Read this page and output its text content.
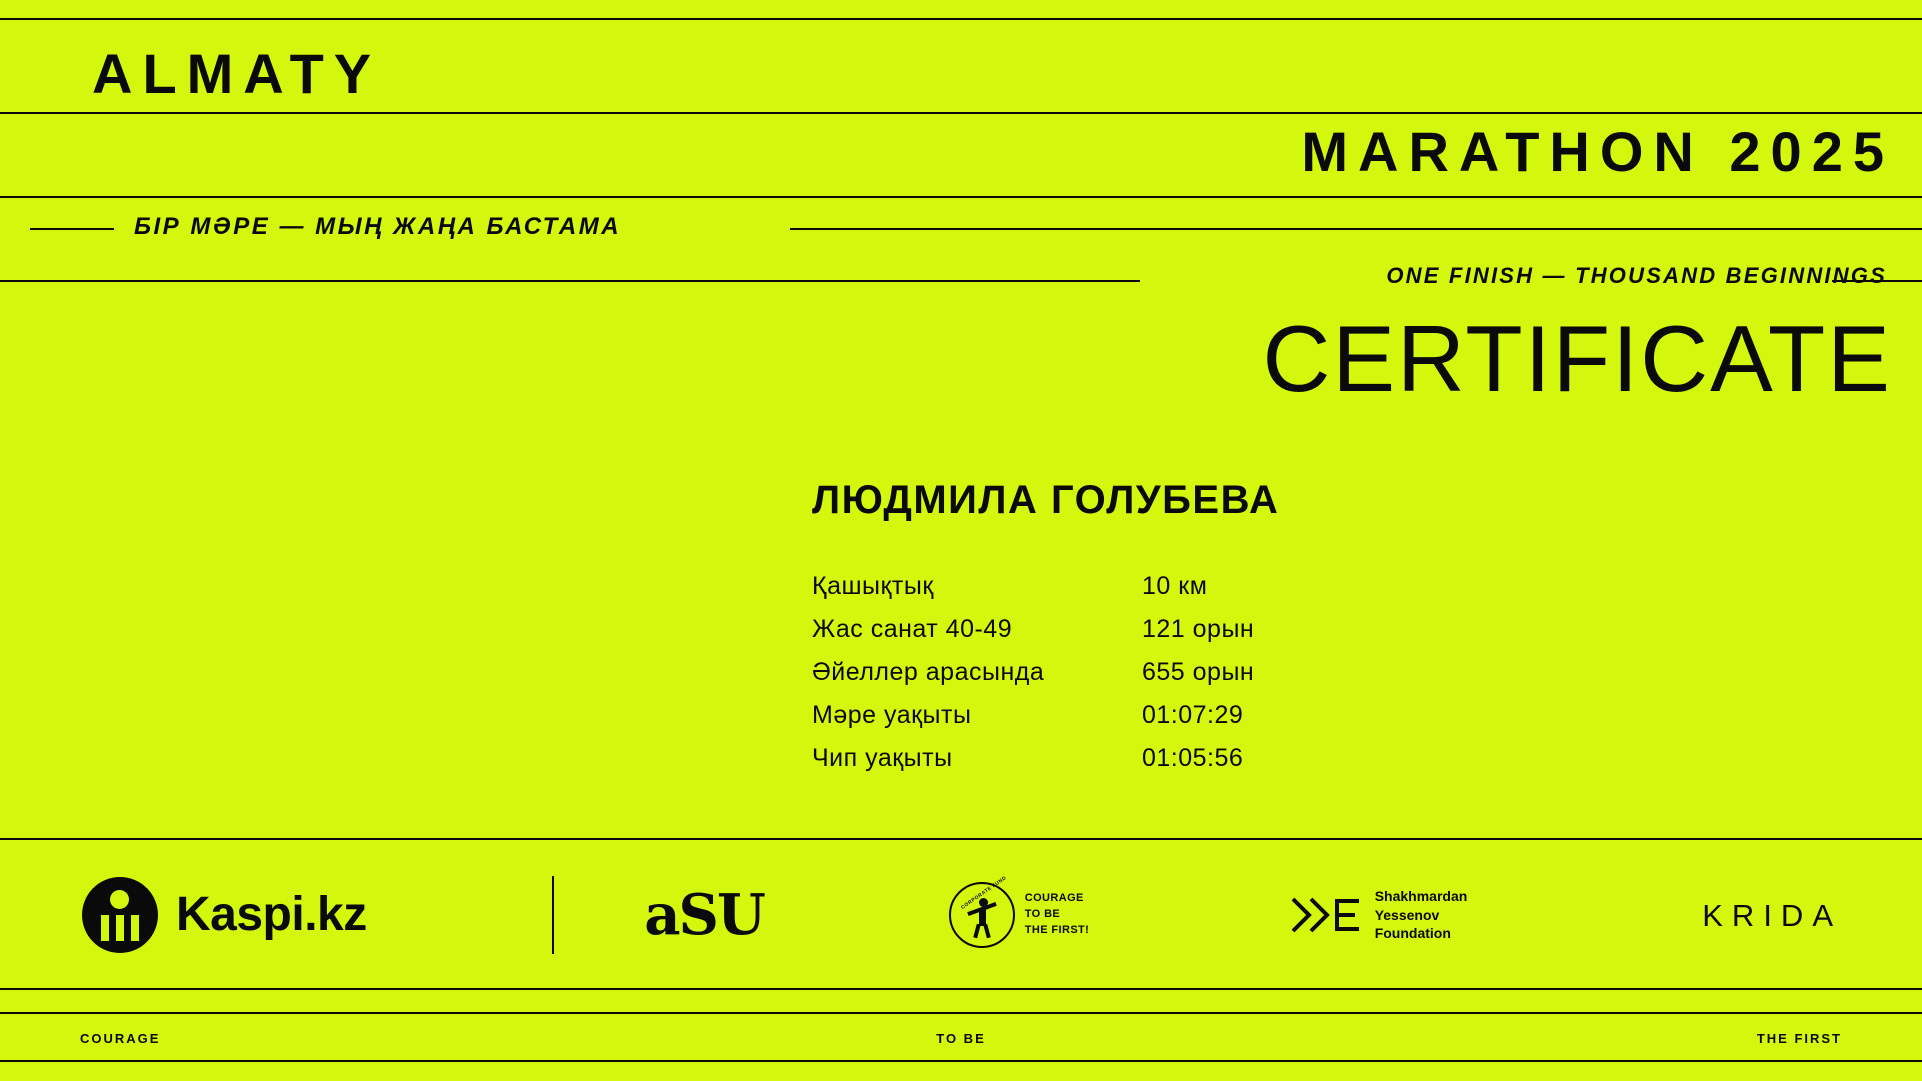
ALMATY
MARATHON 2025
БІР МӘРЕ — МЫҢ ЖАҢА БАСТАМА
ONE FINISH — THOUSAND BEGINNINGS
CERTIFICATE
ЛЮДМИЛА ГОЛУБЕВА
Қашықтық	10 км
Жас санат 40-49	121 орын
Әйеллер арасында	655 орын
Мәре уақыты	01:07:29
Чип уақыты	01:05:56
Kaspi.kz	aSU	CORPORATE FUND COURAGE
TO BE
THE FIRST!
Shakhmardan
Yessenov
Foundation
KRIDA
COURAGE	TO BE	THE FIRST
